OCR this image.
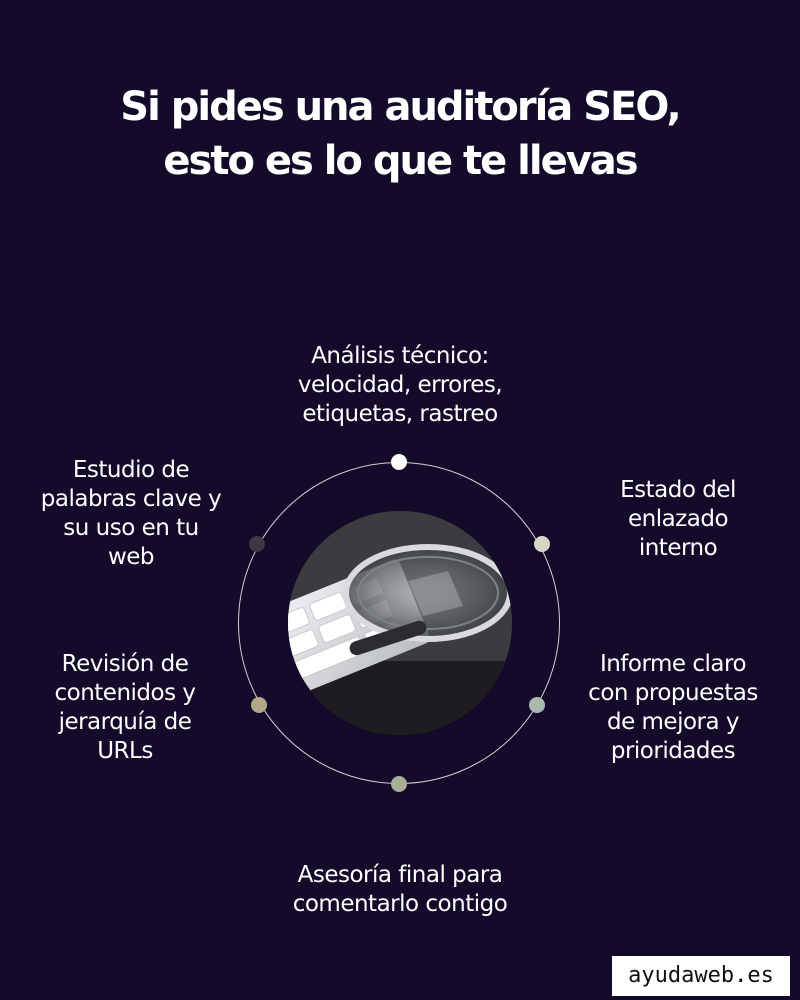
Si pides una auditoría SEO,
esto es lo que te llevas
Análisis técnico:
velocidad, errores,
etiquetas, rastreo
Estado del
enlazado
interno
Informe claro
con propuestas
de mejora y
prioridades
Asesoría final para
comentarlo contigo
Revisión de
contenidos y
jerarquía de
URLs
Estudio de
palabras clave y
su uso en tu
web
ayudaweb.es
